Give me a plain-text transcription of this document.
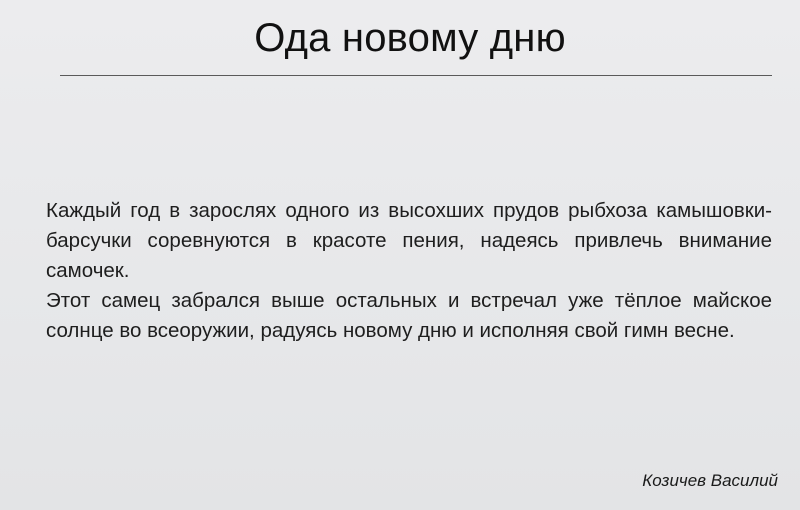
Ода новому дню

Каждый год в зарослях одного из высохших прудов рыбхоза камышовки-барсучки соревнуются в красоте пения, надеясь привлечь внимание самочек.

Этот самец забрался выше остальных и встречал уже тёплое майское солнце во всеоружии, радуясь новому дню и исполняя свой гимн весне.

Козичев Василий
